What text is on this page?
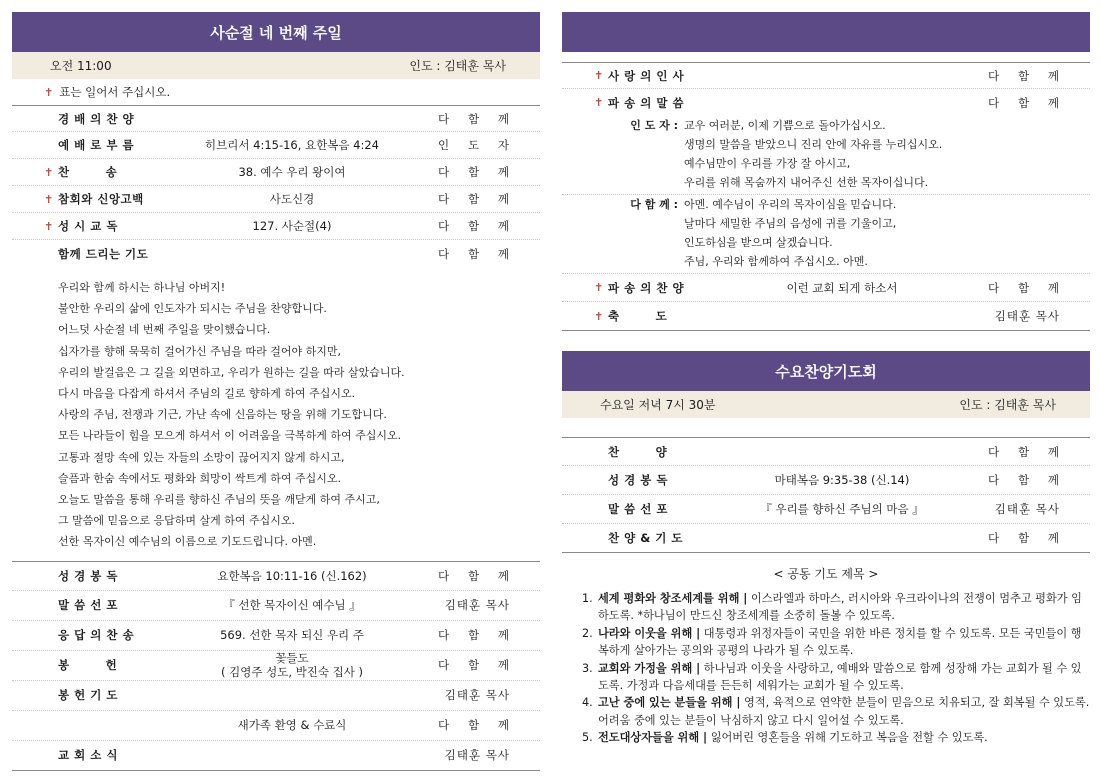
사순절 네 번째 주일
오전 11:00	인도 : 김태훈 목사
✝ 표는 일어서 주십시오.
경 배 의 찬 양	다 함 께
예 배 로 부 름	히브리서 4:15-16, 요한복음 4:24	인 도 자
✝ 찬　　　송	38. 예수 우리 왕이여	다 함 께
✝ 참회와 신앙고백	사도신경	다 함 께
✝ 성 시 교 독	127. 사순절(4)	다 함 께
함께 드리는 기도	다 함 께
우리와 함께 하시는 하나님 아버지!
불안한 우리의 삶에 인도자가 되시는 주님을 찬양합니다.
어느덧 사순절 네 번째 주일을 맞이했습니다.
십자가를 향해 묵묵히 걸어가신 주님을 따라 걸어야 하지만,
우리의 발걸음은 그 길을 외면하고, 우리가 원하는 길을 따라 살았습니다.
다시 마음을 다잡게 하셔서 주님의 길로 향하게 하여 주십시오.
사랑의 주님, 전쟁과 기근, 가난 속에 신음하는 땅을 위해 기도합니다.
모든 나라들이 힘을 모으게 하셔서 이 어려움을 극복하게 하여 주십시오.
고통과 절망 속에 있는 자들의 소망이 끊어지지 않게 하시고,
슬픔과 한숨 속에서도 평화와 희망이 싹트게 하여 주십시오.
오늘도 말씀을 통해 우리를 향하신 주님의 뜻을 깨닫게 하여 주시고,
그 말씀에 믿음으로 응답하며 살게 하여 주십시오.
선한 목자이신 예수님의 이름으로 기도드립니다. 아멘.
성 경 봉 독	요한복음 10:11-16 (신.162)	다 함 께
말 씀 선 포	『 선한 목자이신 예수님 』	김태훈 목사
응 답 의 찬 송	569. 선한 목자 되신 우리 주	다 함 께
봉　　　헌	꽃들도
( 김영주 성도, 박진숙 집사 )	다 함 께
봉 헌 기 도	김태훈 목사
새가족 환영 & 수료식	다 함 께
교 회 소 식	김태훈 목사
✝ 사 랑 의 인 사	다 함 께
✝ 파 송 의 말 씀	다 함 께
인 도 자 : 교우 여러분, 이제 기쁨으로 돌아가십시오.
생명의 말씀을 받았으니 진리 안에 자유를 누리십시오.
예수님만이 우리를 가장 잘 아시고,
우리를 위해 목숨까지 내어주신 선한 목자이십니다.
다 함 께 : 아멘. 예수님이 우리의 목자이심을 믿습니다.
날마다 세밀한 주님의 음성에 귀를 기울이고,
인도하심을 받으며 살겠습니다.
주님, 우리와 함께하여 주십시오. 아멘.
✝ 파 송 의 찬 양	이런 교회 되게 하소서	다 함 께
✝ 축　　　도	김태훈 목사
수요찬양기도회
수요일 저녁 7시 30분	인도 : 김태훈 목사
찬　　　양	다 함 께
성 경 봉 독	마태복음 9:35-38 (신.14)	다 함 께
말 씀 선 포	『 우리를 향하신 주님의 마음 』	김태훈 목사
찬 양 & 기 도	다 함 께
< 공동 기도 제목 >
1. 세계 평화와 창조세계를 위해 | 이스라엘과 하마스, 러시아와 우크라이나의 전쟁이 멈추고 평화가 임하도록. *하나님이 만드신 창조세계를 소중히 돌볼 수 있도록.
2. 나라와 이웃을 위해 | 대통령과 위정자들이 국민을 위한 바른 정치를 할 수 있도록. 모든 국민들이 행복하게 살아가는 공의와 공평의 나라가 될 수 있도록.
3. 교회와 가정을 위해 | 하나님과 이웃을 사랑하고, 예배와 말씀으로 함께 성장해 가는 교회가 될 수 있도록. 가정과 다음세대를 든든히 세워가는 교회가 될 수 있도록.
4. 고난 중에 있는 분들을 위해 | 영적, 육적으로 연약한 분들이 믿음으로 치유되고, 잘 회복될 수 있도록. 어려움 중에 있는 분들이 낙심하지 않고 다시 일어설 수 있도록.
5. 전도대상자들을 위해 | 잃어버린 영혼들을 위해 기도하고 복음을 전할 수 있도록.
